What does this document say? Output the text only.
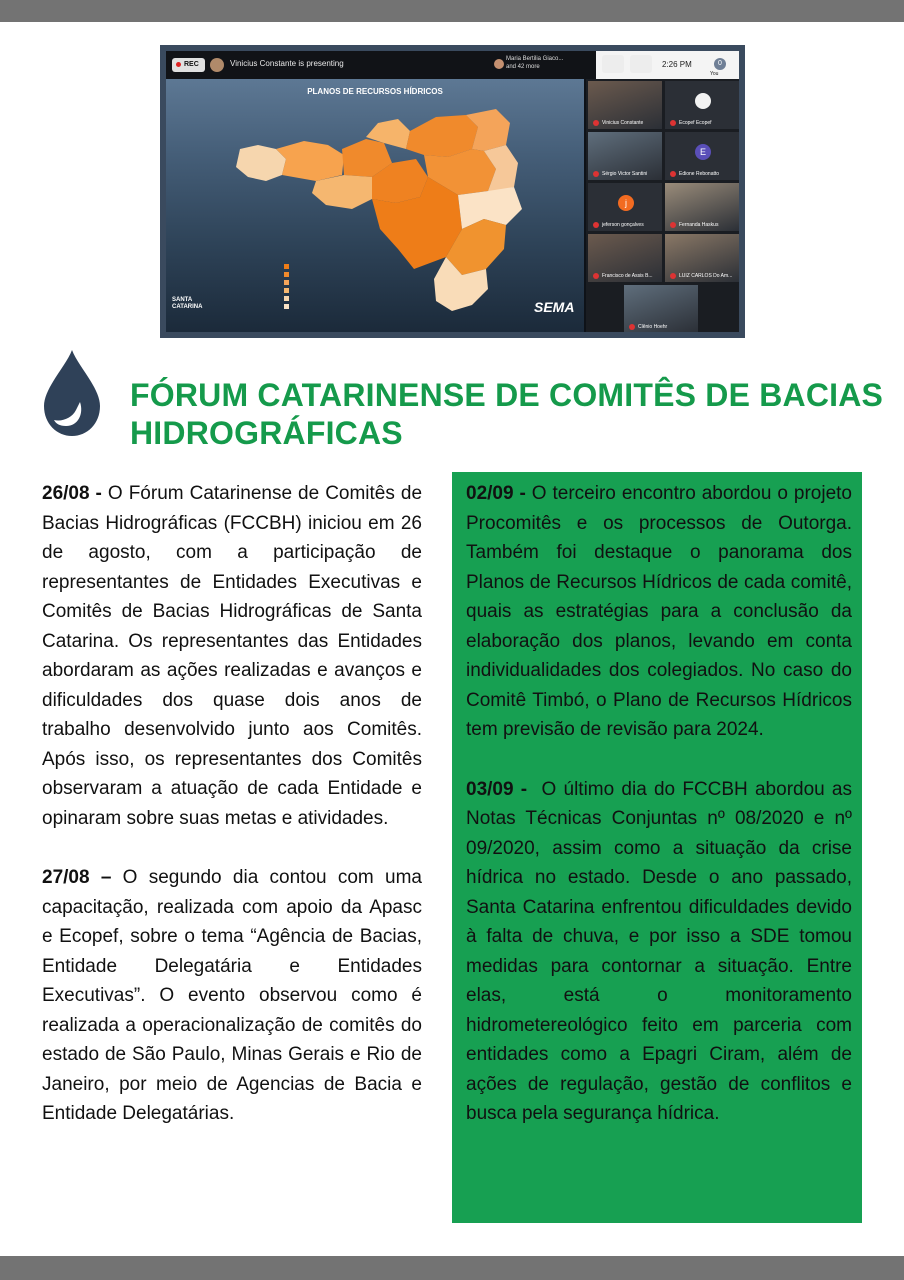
REC	Vinicius Constante is presenting	Maria Bertilia Giaco...
and 42 more	2:26 PM	0
You
PLANOS DE RECURSOS HÍDRICOS
SANTA
CATARINA	SEMA
Vinicius Constante	Ecopef Ecopef
Sérgio Victor Santini
E
Edione Rebonatto
j
jeferson gonçalves	Fernanda Haskus
Francisco de Assis B...	LUIZ CARLOS Do Am...
Clênio Hoehr
FÓRUM CATARINENSE DE COMITÊS DE BACIAS
HIDROGRÁFICAS

26/08 - O Fórum Catarinense de Comitês de Bacias Hidrográficas (FCCBH) iniciou em 26 de agosto, com a participação de representantes de Entidades Executivas e Comitês de Bacias Hidrográficas de Santa Catarina. Os representantes das Entidades abordaram as ações realizadas e avanços e dificuldades dos quase dois anos de trabalho desenvolvido junto aos Comitês. Após isso, os representantes dos Comitês observaram a atuação de cada Entidade e opinaram sobre suas metas e atividades.

27/08 – O segundo dia contou com uma capacitação, realizada com apoio da Apasc e Ecopef, sobre o tema “Agência de Bacias, Entidade Delegatária e Entidades Executivas”. O evento observou como é realizada a operacionalização de comitês do estado de São Paulo, Minas Gerais e Rio de Janeiro, por meio de Agencias de Bacia e Entidade Delegatárias.

02/09 - O terceiro encontro abordou o projeto Procomitês e os processos de Outorga. Também foi destaque o panorama dos Planos de Recursos Hídricos de cada comitê, quais as estratégias para a conclusão da elaboração dos planos, levando em conta individualidades dos colegiados. No caso do Comitê Timbó, o Plano de Recursos Hídricos tem previsão de revisão para 2024.

03/09 - O último dia do FCCBH abordou as Notas Técnicas Conjuntas nº 08/2020 e nº 09/2020, assim como a situação da crise hídrica no estado. Desde o ano passado, Santa Catarina enfrentou dificuldades devido à falta de chuva, e por isso a SDE tomou medidas para contornar a situação. Entre elas, está o monitoramento hidrometereológico feito em parceria com entidades como a Epagri Ciram, além de ações de regulação, gestão de conflitos e busca pela segurança hídrica.
